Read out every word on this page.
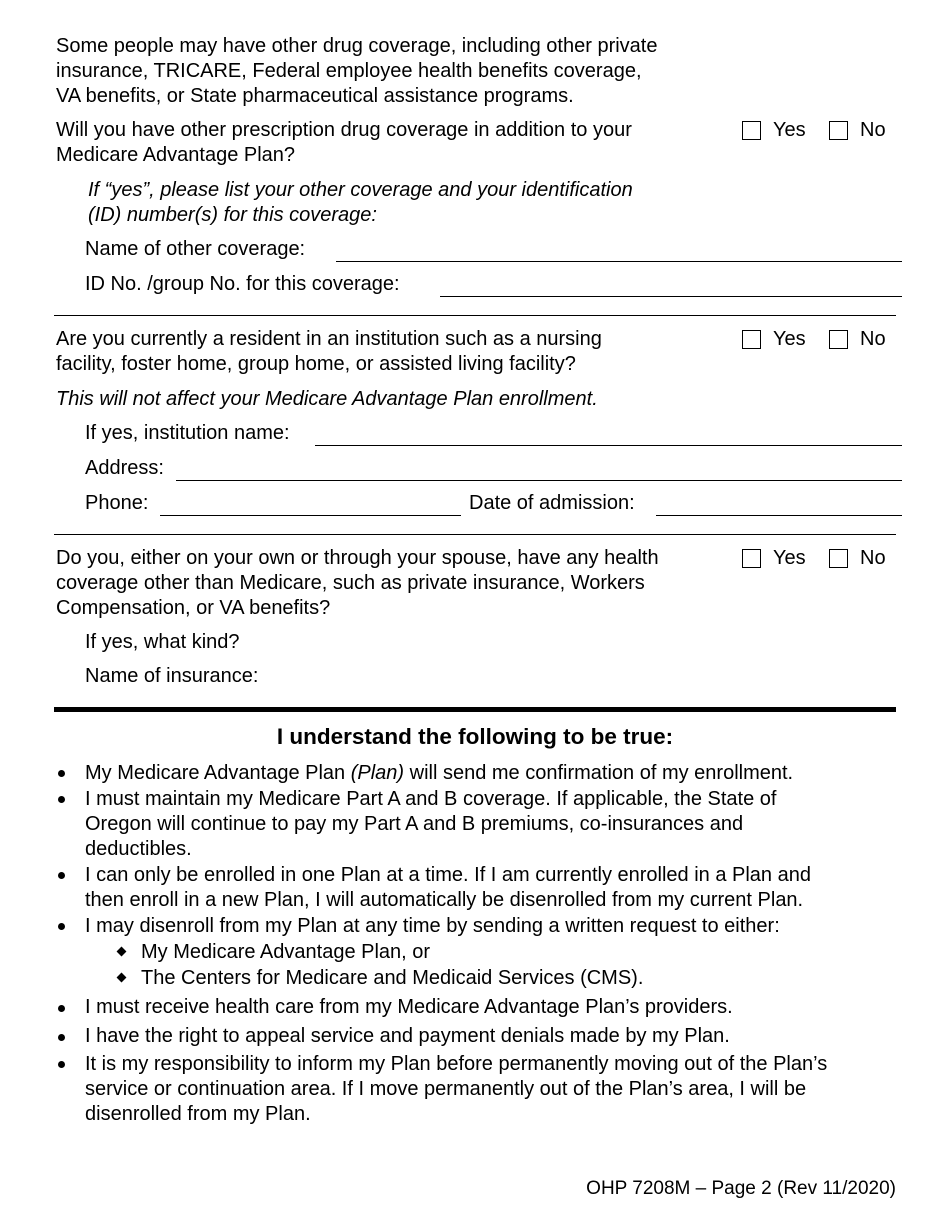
Some people may have other drug coverage, including other private
insurance, TRICARE, Federal employee health benefits coverage,
VA benefits, or State pharmaceutical assistance programs.
Will you have other prescription drug coverage in addition to your
Medicare Advantage Plan?
Yes	No
If “yes”, please list your other coverage and your identification
(ID) number(s) for this coverage:
Name of other coverage:
ID No. /group No. for this coverage:
Are you currently a resident in an institution such as a nursing
facility, foster home, group home, or assisted living facility?
Yes	No
This will not affect your Medicare Advantage Plan enrollment.
If yes, institution name:
Address:
Phone:	Date of admission:
Do you, either on your own or through your spouse, have any health
coverage other than Medicare, such as private insurance, Workers
Compensation, or VA benefits?
Yes	No
If yes, what kind?
Name of insurance:
I understand the following to be true:
My Medicare Advantage Plan (Plan) will send me confirmation of my enrollment.
I must maintain my Medicare Part A and B coverage. If applicable, the State of
Oregon will continue to pay my Part A and B premiums, co-insurances and
deductibles.
I can only be enrolled in one Plan at a time. If I am currently enrolled in a Plan and
then enroll in a new Plan, I will automatically be disenrolled from my current Plan.
I may disenroll from my Plan at any time by sending a written request to either:
My Medicare Advantage Plan, or
The Centers for Medicare and Medicaid Services (CMS).
I must receive health care from my Medicare Advantage Plan’s providers.
I have the right to appeal service and payment denials made by my Plan.
It is my responsibility to inform my Plan before permanently moving out of the Plan’s
service or continuation area. If I move permanently out of the Plan’s area, I will be
disenrolled from my Plan.
OHP 7208M – Page 2 (Rev 11/2020)
